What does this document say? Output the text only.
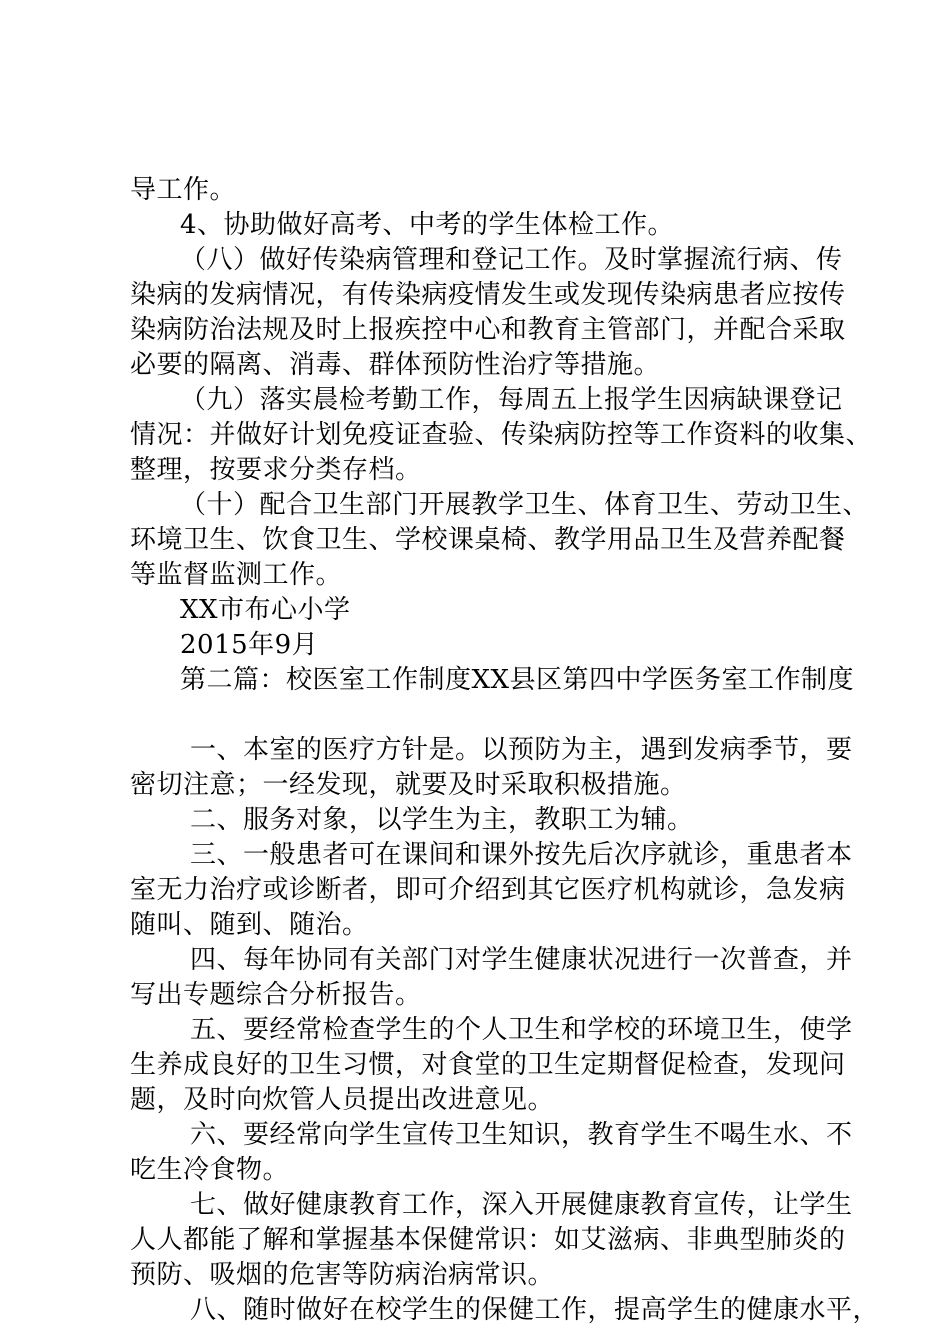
导工作。
4、协助做好高考、中考的学生体检工作。
（八）做好传染病管理和登记工作。及时掌握流行病、传
染病的发病情况，有传染病疫情发生或发现传染病患者应按传
染病防治法规及时上报疾控中心和教育主管部门，并配合采取
必要的隔离、消毒、群体预防性治疗等措施。
（九）落实晨检考勤工作，每周五上报学生因病缺课登记
情况：并做好计划免疫证查验、传染病防控等工作资料的收集、
整理，按要求分类存档。
（十）配合卫生部门开展教学卫生、体育卫生、劳动卫生、
环境卫生、饮食卫生、学校课桌椅、教学用品卫生及营养配餐
等监督监测工作。
XX市布心小学
2015年9月
第二篇：校医室工作制度XX县区第四中学医务室工作制度
一、本室的医疗方针是。以预防为主，遇到发病季节，要
密切注意；一经发现，就要及时采取积极措施。
二、服务对象，以学生为主，教职工为辅。
三、一般患者可在课间和课外按先后次序就诊，重患者本
室无力治疗或诊断者，即可介绍到其它医疗机构就诊，急发病
随叫、随到、随治。
四、每年协同有关部门对学生健康状况进行一次普查，并
写出专题综合分析报告。
五、要经常检查学生的个人卫生和学校的环境卫生，使学
生养成良好的卫生习惯，对食堂的卫生定期督促检查，发现问
题，及时向炊管人员提出改进意见。
六、要经常向学生宣传卫生知识，教育学生不喝生水、不
吃生冷食物。
七、做好健康教育工作，深入开展健康教育宣传，让学生
人人都能了解和掌握基本保健常识：如艾滋病、非典型肺炎的
预防、吸烟的危害等防病治病常识。
八、随时做好在校学生的保健工作，提高学生的健康水平，
